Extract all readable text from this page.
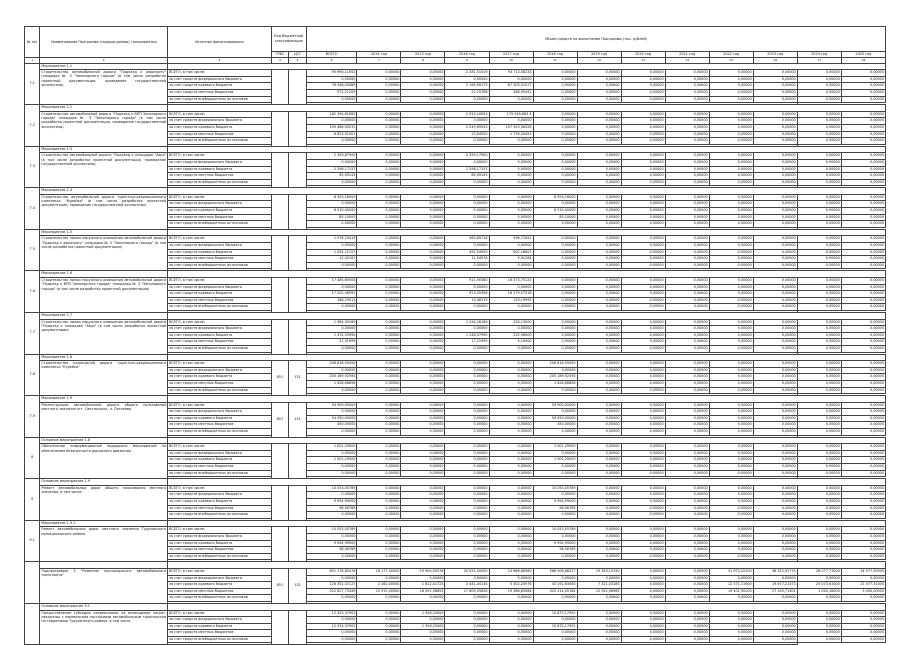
№ п/п	Наименование Программы (подпрограммы) / мероприятия	Источник финансирования	Код бюджетной классификации		Объем средств на выполнение Программы (тыс. рублей)												
			ГРБС	ЦСТ	ВСЕГО	2014 год	2015 год	2016 год	2017 год	2018 год	2019 год	2020 год	2021 год	2022 год	2023 год	2024 год	2025 год
1	2	3	4	5	6	7	8	9	10	11	12	13	14	15	16	17	18
7.1	Мероприятие 1.1																
	Строительство автомобильной дороги "Подъезд к аэропорту" площадка № 3 "Заполярного города" (в том числе разработка проектной документации, проведение государственной экспертизы)	ВСЕГО, в том числе:			95 990,11652	0,00000	0,00000	2 281,51519	93 713,08233	0,00000	0,00000	0,00000	0,00000	0,00000	0,00000	0,00000	0,00000
		за счет средств федерального бюджета			0,00000	0,00000	0,00000	0,00000	0,00000	0,00000	0,00000	0,00000	0,00000	0,00000	0,00000	0,00000	0,00000
		за счет средств краевого бюджета			76 948,43089	0,00000	0,00000	2 165,99173	67 305,51017	0,00000	0,00000	0,00000	0,00000	0,00000	0,00000	0,00000	0,00000
		за счет средств местных бюджетов			971,21209	0,00000	0,00000	22,25768	268,95441	0,00000	0,00000	0,00000	0,00000	0,00000	0,00000	0,00000	0,00000
		за счет средств внебюджетных источников			0,00000	0,00000	0,00000	0,00000	0,00000	0,00000	0,00000	0,00000	0,00000	0,00000	0,00000	0,00000	0,00000

7.2	Мероприятие 1.2																
	Строительство автомобильной дороги "Подъезд к ВПП Заполярного города" площадка № 3 "Заполярного города" (в том числе разработка проектной документации, проведение государственной экспертизы)	ВСЕГО, в том числе:			182 394,61683	0,00000	0,00000	2 553,16093	179 246,663 4	0,00000	0,00000	0,00000	0,00000	0,00000	0,00000	0,00000	0,00000
		за счет средств федерального бюджета			0,00000	0,00000	0,00000	0,00000	0,00000	0,00000	0,00000	0,00000	0,00000	0,00000	0,00000	0,00000	0,00000
		за счет средств краевого бюджета			109 486,09231	0,00000	0,00000	2 249,89543	157 923,36326	0,00000	0,00000	0,00000	0,00000	0,00000	0,00000	0,00000	0,00000
		за счет средств местных бюджетов			6 823,31901	0,00000	0,00000	23,04550	1 776,43453	0,00000	0,00000	0,00000	0,00000	0,00000	0,00000	0,00000	0,00000
		за счет средств внебюджетных источников			0,00000	0,00000	0,00000	0,00000	0,00000	0,00000	0,00000	0,00000	0,00000	0,00000	0,00000	0,00000	0,00000

7.3	Мероприятие 1.3																
	Строительство автомобильной дороги "Подъезд к площадке "Аэро" (в том числе разработка проектной документации, проведение государственной экспертизы)	ВСЕГО, в том числе:			2 359,87900	0,00000	0,00000	2 359,17900	0,00000	0,00000	0,00000	0,00000	0,00000	0,00000	0,00000	0,00000	0,00000
		за счет средств федерального бюджета			0,00000	0,00000	0,00000	0,00000	0,00000	0,00000	0,00000	0,00000	0,00000	0,00000	0,00000	0,00000	0,00000
		за счет средств краевого бюджета			2 298,17157	0,00000	0,00000	2 298,17157	0,00000	0,00000	0,00000	0,00000	0,00000	0,00000	0,00000	0,00000	0,00000
		за счет средств местных бюджетов			65,09143	0,00000	0,00000	65,09143	0,00000	0,00000	0,00000	0,00000	0,00000	0,00000	0,00000	0,00000	0,00000
		за счет средств внебюджетных источников			0,00000	0,00000	0,00000	0,00000	0,00000	0,00000	0,00000	0,00000	0,00000	0,00000	0,00000	0,00000	0,00000

7.4	Мероприятие 1.4																
	Строительство автомобильной дороги туристско-рекреационного комплекса "Курейка" (в том числе разработка проектной документации, проведение государственной экспертизы)	ВСЕГО, в том числе:			8 593,16000	0,00000	0,00000	0,00000	0,00000	8 593,16000	0,00000	0,00000	0,00000	0,00000	0,00000	0,00000	0,00000
		за счет средств федерального бюджета			0,00000	0,00000	0,00000	0,00000	0,00000	0,00000	0,00000	0,00000	0,00000	0,00000	0,00000	0,00000	0,00000
		за счет средств краевого бюджета			8 510,00000	0,00000	0,00000	0,00000	0,00000	8 510,00000	0,00000	0,00000	0,00000	0,00000	0,00000	0,00000	0,00000
		за счет средств местных бюджетов			85,10000	0,00000	0,00000	0,00000	0,00000	85,10000	0,00000	0,00000	0,00000	0,00000	0,00000	0,00000	0,00000
		за счет средств внебюджетных источников			0,00000	0,00000	0,00000	0,00000	0,00000	0,00000	0,00000	0,00000	0,00000	0,00000	0,00000	0,00000	0,00000

7.5	Мероприятие 1.5																
	Строительство линии наружного освещения автомобильной дороги "Подъезд к аэропорту" площадка № 3 "Заполярного города" (в том числе разработка проектной документации)	ВСЕГО, в том числе:			1 076,23419	0,00000	0,00000	463,89716	596,71652	0,00000	0,00000	0,00000	0,00000	0,00000	0,00000	0,00000	0,00000
		за счет средств федерального бюджета			0,00000	0,00000	0,00000	0,00000	0,00000	0,00000	0,00000	0,00000	0,00000	0,00000	0,00000	0,00000	0,00000
		за счет средств краевого бюджета			1 054,21157	0,00000	0,00000	452,04950	602,16601	0,00000	0,00000	0,00000	0,00000	0,00000	0,00000	0,00000	0,00000
		за счет средств местных бюджетов			12,02167	0,00000	0,00000	11,04976	5,01264	0,00000	0,00000	0,00000	0,00000	0,00000	0,00000	0,00000	0,00000
		за счет средств внебюджетных источников			0,00000	0,00000	0,00000	0,00000	0,00000	0,00000	0,00000	0,00000	0,00000	0,00000	0,00000	0,00000	0,00000

7.6	Мероприятие 1.6																
	Строительство линии наружного освещения автомобильной дороги "Подъезд к ВПП Заполярного города" площадка № 3 "Заполярного города" (в том числе разработка проектной документации)	ВСЕГО, в том числе:			17 485,65504	0,00000	0,00000	911,90380	16 573,75125	0,00000	0,00000	0,00000	0,00000	0,00000	0,00000	0,00000	0,00000
		за счет средств федерального бюджета			0,00000	0,00000	0,00000	0,00000	0,00000	0,00000	0,00000	0,00000	0,00000	0,00000	0,00000	0,00000	0,00000
		за счет средств краевого бюджета			17 202,36592	0,00000	0,00000	923,05396	16 279,57318	0,00000	0,00000	0,00000	0,00000	0,00000	0,00000	0,00000	0,00000
		за счет средств местных бюджетов			186,29011	0,00000	0,00000	13,48133	153,19995	0,00000	0,00000	0,00000	0,00000	0,00000	0,00000	0,00000	0,00000
		за счет средств внебюджетных источников			0,00000	0,00000	0,00000	0,00000	0,00000	0,00000	0,00000	0,00000	0,00000	0,00000	0,00000	0,00000	0,00000

7.7	Мероприятие 1.7																
	Строительство линии наружного освещения автомобильной дороги "Подъезд к площадке "Аэро" (в том числе разработка проектной документации)	ВСЕГО, в том числе:			1 484,39189	0,00000	0,00000	1 254,26189	230,13000	0,00000	0,00000	0,00000	0,00000	0,00000	0,00000	0,00000	0,00000
		за счет средств федерального бюджета			0,00000	0,00000	0,00000	0,00000	0,00000	0,00000	0,00000	0,00000	0,00000	0,00000	0,00000	0,00000	0,00000
		за счет средств краевого бюджета			1 474,55990	0,00000	0,00000	1 248,57990	225,98000	0,00000	0,00000	0,00000	0,00000	0,00000	0,00000	0,00000	0,00000
		за счет средств местных бюджетов			21,31999	0,00000	0,00000	17,21999	4,10000	0,00000	0,00000	0,00000	0,00000	0,00000	0,00000	0,00000	0,00000
		за счет средств внебюджетных источников			0,00000	0,00000	0,00000	0,00000	0,00000	0,00000	0,00000	0,00000	0,00000	0,00000	0,00000	0,00000	0,00000

7.8	Мероприятие 1.8																
	Строительство подъездной дороги туристско-рекреационного комплекса "Курейка"	ВСЕГО, в том числе:	851	131	206 818,59450	0,00000	0,00000	0,00000	0,00000	206 818,59450	0,00000	0,00000	0,00000	0,00000	0,00000	0,00000	0,00000
		за счет средств федерального бюджета			0,00000	0,00000	0,00000	0,00000	0,00000	0,00000	0,00000	0,00000	0,00000	0,00000	0,00000	0,00000	0,00000
		за счет средств краевого бюджета			205 189,92594	0,00000	0,00000	0,00000	0,00000	205 189,92594	0,00000	0,00000	0,00000	0,00000	0,00000	0,00000	0,00000
		за счет средств местных бюджетов			1 628,66856	0,00000	0,00000	0,00000	0,00000	1 628,66856	0,00000	0,00000	0,00000	0,00000	0,00000	0,00000	0,00000
		за счет средств внебюджетных источников			0,00000	0,00000	0,00000	0,00000	0,00000	0,00000	0,00000	0,00000	0,00000	0,00000	0,00000	0,00000	0,00000

7.9	Мероприятие 1.9																
	Реконструкция автомобильной дороги общего пользования местного значения пгт. Светлогорск, п. Потапово	ВСЕГО, в том числе:	857	131	54 900,00000	0,00000	0,00000	0,00000	0,00000	54 900,00000	0,00000	0,00000	0,00000	0,00000	0,00000	0,00000	0,00000
		за счет средств федерального бюджета			0,00000	0,00000	0,00000	0,00000	0,00000	0,00000	0,00000	0,00000	0,00000	0,00000	0,00000	0,00000	0,00000
		за счет средств краевого бюджета			54 450,00000	0,00000	0,00000	0,00000	0,00000	54 450,00000	0,00000	0,00000	0,00000	0,00000	0,00000	0,00000	0,00000
		за счет средств местных бюджетов			450,00000	0,00000	0,00000	0,00000	0,00000	450,00000	0,00000	0,00000	0,00000	0,00000	0,00000	0,00000	0,00000
		за счет средств внебюджетных источников			0,00000	0,00000	0,00000	0,00000	0,00000	0,00000	0,00000	0,00000	0,00000	0,00000	0,00000	0,00000	0,00000

8	Основное мероприятие 1.8																
	Обеспечение информационной поддержки мероприятий по обеспечению безопасности дорожного движения	ВСЕГО, в том числе:			1 001,29000	0,00000	0,00000	0,00000	0,00000	1 001,29000	0,00000	0,00000	0,00000	0,00000	0,00000	0,00000	0,00000
		за счет средств федерального бюджета			0,00000	0,00000	0,00000	0,00000	0,00000	0,00000	0,00000	0,00000	0,00000	0,00000	0,00000	0,00000	0,00000
		за счет средств краевого бюджета			1 001,29000	0,00000	0,00000	0,00000	0,00000	1 001,29000	0,00000	0,00000	0,00000	0,00000	0,00000	0,00000	0,00000
		за счет средств местных бюджетов			0,00000	0,00000	0,00000	0,00000	0,00000	0,00000	0,00000	0,00000	0,00000	0,00000	0,00000	0,00000	0,00000
		за счет средств внебюджетных источников			0,00000	0,00000	0,00000	0,00000	0,00000	0,00000	0,00000	0,00000	0,00000	0,00000	0,00000	0,00000	0,00000

9	Основное мероприятие 1.9																
	Ремонт автомобильных дорог общего пользования местного значения, в том числе:	ВСЕГО, в том числе:			10 053,05789	0,00000	0,00000	0,00000	0,00000	10 053,05789	0,00000	0,00000	0,00000	0,00000	0,00000	0,00000	0,00000
		за счет средств федерального бюджета			0,00000	0,00000	0,00000	0,00000	0,00000	0,00000	0,00000	0,00000	0,00000	0,00000	0,00000	0,00000	0,00000
		за счет средств краевого бюджета			9 954,99000	0,00000	0,00000	0,00000	0,00000	9 954,99000	0,00000	0,00000	0,00000	0,00000	0,00000	0,00000	0,00000
		за счет средств местных бюджетов			98,06789	0,00000	0,00000	0,00000	0,00000	98,06789	0,00000	0,00000	0,00000	0,00000	0,00000	0,00000	0,00000
		за счет средств внебюджетных источников			0,00000	0,00000	0,00000	0,00000	0,00000	0,00000	0,00000	0,00000	0,00000	0,00000	0,00000	0,00000	0,00000

9.1	Мероприятие 1.9.1																
	Ремонт автомобильных дорог местного значения Туруханского муниципального района	ВСЕГО, в том числе:			10 053,05789	0,00000	0,00000	0,00000	0,00000	10 053,05789	0,00000	0,00000	0,00000	0,00000	0,00000	0,00000	0,00000
		за счет средств федерального бюджета			0,00000	0,00000	0,00000	0,00000	0,00000	0,00000	0,00000	0,00000	0,00000	0,00000	0,00000	0,00000	0,00000
		за счет средств краевого бюджета			9 954,99000	0,00000	0,00000	0,00000	0,00000	9 954,99000	0,00000	0,00000	0,00000	0,00000	0,00000	0,00000	0,00000
		за счет средств местных бюджетов			98,06789	0,00000	0,00000	0,00000	0,00000	98,06789	0,00000	0,00000	0,00000	0,00000	0,00000	0,00000	0,00000
		за счет средств внебюджетных источников			0,00000	0,00000	0,00000	0,00000	0,00000	0,00000	0,00000	0,00000	0,00000	0,00000	0,00000	0,00000	0,00000

	Подпрограмма 3 "Развитие пассажирского автомобильного транспорта"	ВСЕГО, в том числе:	851	132	651 178,80476	18 177,00000	19 904,00376	20 051,00000	24 668,86560	568 506,68227	19 363,10150	0,00000	0,00000	31 973,02100	46 922,92774	26 077,77000	24 577,30000
		за счет средств федерального бюджета			0,00000	0,00000	0,00000	0,00000	0,00000	0,00000	0,00000	0,00000	0,00000	0,00000	0,00000	0,00000	0,00000
		за счет средств краевого бюджета			128 351,07127	2 262,00000	1 812,41723	2 441,44144	5 302,20976	43 292,63063	7 321,03185	0,00000	0,00000	12 571,11900	19 677,21373	25 073,61000	21 577,31000
		за счет средств местных бюджетов			522 827,73349	15 915,00000	18 091,58653	17 609,55856	19 366,65584	525 214,05164	12 042,06965	0,00000	0,00000	19 401,90200	27 245,71401	1 004,16000	3 000,00000
		за счет средств внебюджетных источников			0,00000	0,00000	0,00000	0,00000	0,00000	0,00000	0,00000	0,00000	0,00000	0,00000	0,00000	0,00000	0,00000

	Основное мероприятие 3.1																
	Предоставление субсидии перевозчикам на возмещение затрат, связанных с перевозками пассажиров автомобильным транспортом на территории Туруханского района, в том числе	ВСЕГО, в том числе:			12 433,37902	0,00000	1 558,20000	0,00000	0,00000	10 875,17902	0,00000	0,00000	0,00000	0,00000	0,00000	0,00000	0,00000
		за счет средств федерального бюджета			0,00000	0,00000	0,00000	0,00000	0,00000	0,00000	0,00000	0,00000	0,00000	0,00000	0,00000	0,00000	0,00000
		за счет средств краевого бюджета			12 433,37902	0,00000	1 558,20000	0,00000	0,00000	10 875,17902	0,00000	0,00000	0,00000	0,00000	0,00000	0,00000	0,00000
		за счет средств местных бюджетов			0,00000	0,00000	0,00000	0,00000	0,00000	0,00000	0,00000	0,00000	0,00000	0,00000	0,00000	0,00000	0,00000
		за счет средств внебюджетных источников			0,00000	0,00000	0,00000	0,00000	0,00000	0,00000	0,00000	0,00000	0,00000	0,00000	0,00000	0,00000	0,00000
